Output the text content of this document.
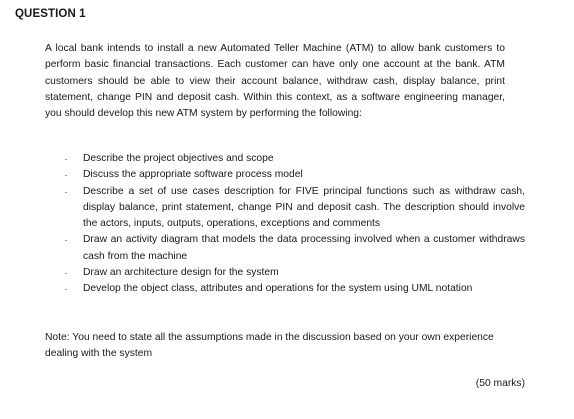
QUESTION 1

A local bank intends to install a new Automated Teller Machine (ATM) to allow bank customers to perform basic financial transactions. Each customer can have only one account at the bank. ATM customers should be able to view their account balance, withdraw cash, display balance, print statement, change PIN and deposit cash. Within this context, as a software engineering manager, you should develop this new ATM system by performing the following:

·	Describe the project objectives and scope
·	Discuss the appropriate software process model
·	Describe a set of use cases description for FIVE principal functions such as withdraw cash, display balance, print statement, change PIN and deposit cash. The description should involve the actors, inputs, outputs, operations, exceptions and comments
·	Draw an activity diagram that models the data processing involved when a customer withdraws cash from the machine
·	Draw an architecture design for the system
·	Develop the object class, attributes and operations for the system using UML notation

Note: You need to state all the assumptions made in the discussion based on your own experience dealing with the system

(50 marks)
